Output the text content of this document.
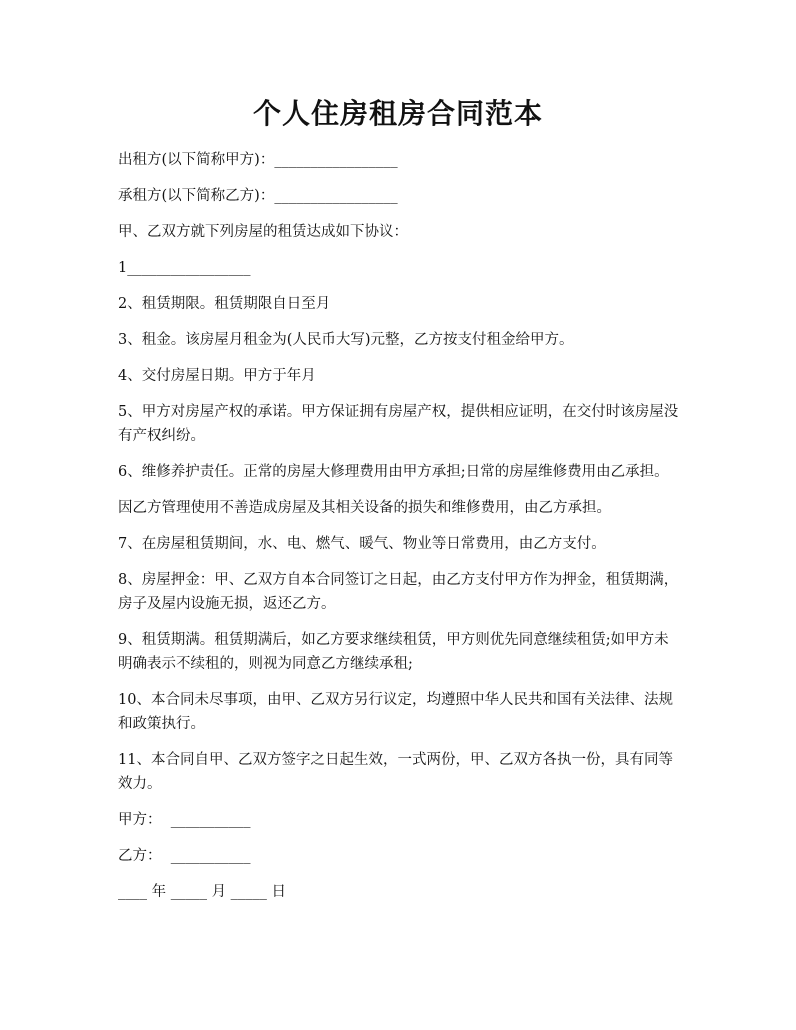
个人住房租房合同范本

出租方(以下简称甲方)：_________________

承租方(以下简称乙方)：_________________

甲、乙双方就下列房屋的租赁达成如下协议：

1_________________

2、租赁期限。租赁期限自日至月

3、租金。该房屋月租金为(人民币大写)元整，乙方按支付租金给甲方。

4、交付房屋日期。甲方于年月

5、甲方对房屋产权的承诺。甲方保证拥有房屋产权，提供相应证明，在交付时该房屋没有产权纠纷。

6、维修养护责任。正常的房屋大修理费用由甲方承担;日常的房屋维修费用由乙承担。

因乙方管理使用不善造成房屋及其相关设备的损失和维修费用，由乙方承担。

7、在房屋租赁期间，水、电、燃气、暖气、物业等日常费用，由乙方支付。

8、房屋押金：甲、乙双方自本合同签订之日起，由乙方支付甲方作为押金，租赁期满，房子及屋内设施无损，返还乙方。

9、租赁期满。租赁期满后，如乙方要求继续租赁，甲方则优先同意继续租赁;如甲方未明确表示不续租的，则视为同意乙方继续承租;

10、本合同未尽事项，由甲、乙双方另行议定，均遵照中华人民共和国有关法律、法规和政策执行。

11、本合同自甲、乙双方签字之日起生效，一式两份，甲、乙双方各执一份，具有同等效力。

甲方：  ___________

乙方：  ___________

____ 年 _____ 月 _____ 日
